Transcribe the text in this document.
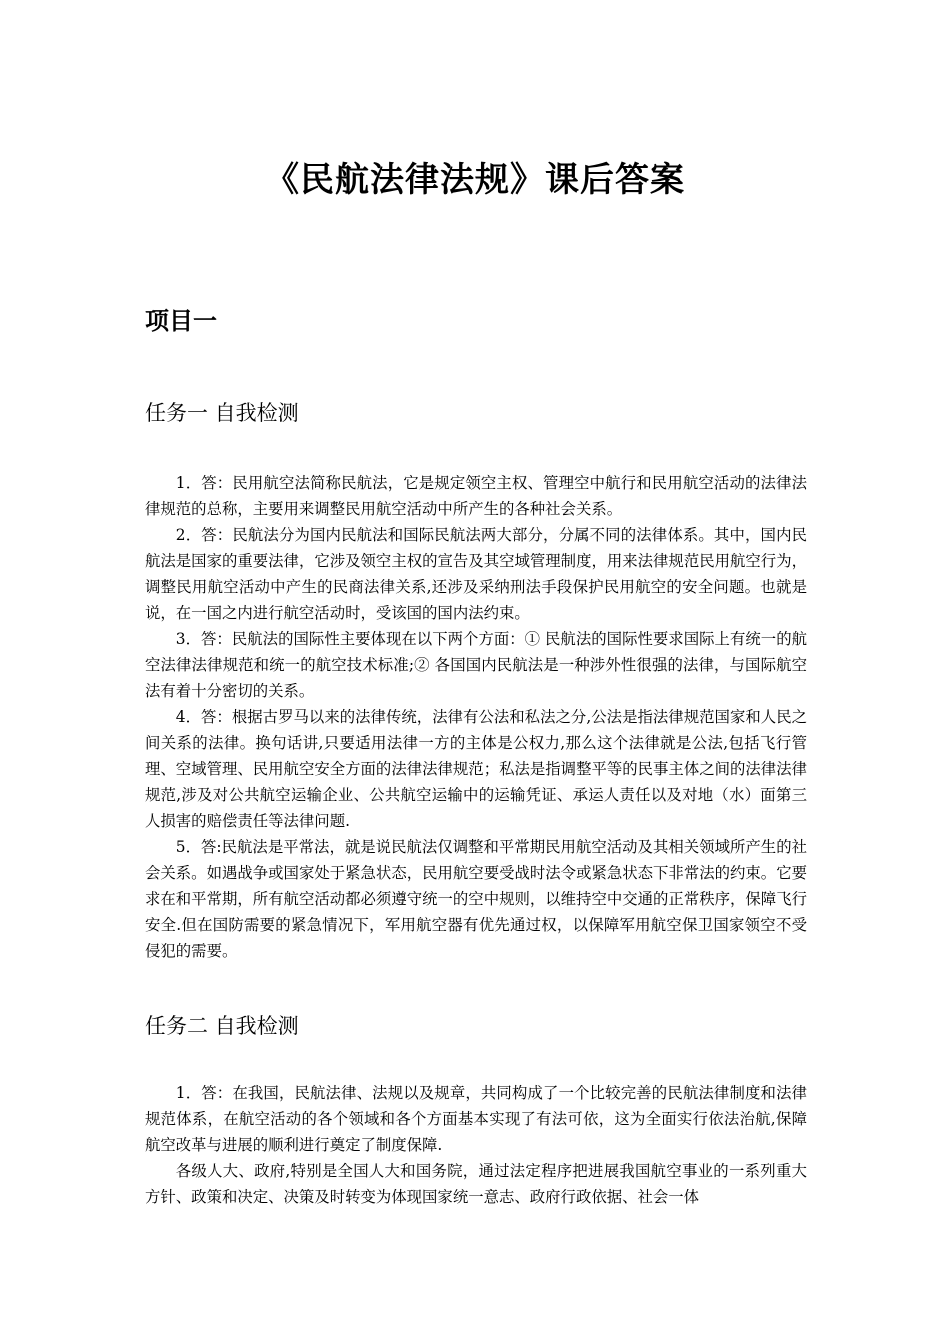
《民航法律法规》课后答案
项目一
任务一 自我检测

1．答：民用航空法简称民航法，它是规定领空主权、管理空中航行和民用航空活动的法律法律规范的总称，主要用来调整民用航空活动中所产生的各种社会关系。

2．答：民航法分为国内民航法和国际民航法两大部分，分属不同的法律体系。其中，国内民航法是国家的重要法律，它涉及领空主权的宣告及其空域管理制度，用来法律规范民用航空行为，调整民用航空活动中产生的民商法律关系,还涉及采纳刑法手段保护民用航空的安全问题。也就是说，在一国之内进行航空活动时，受该国的国内法约束。

3．答：民航法的国际性主要体现在以下两个方面：① 民航法的国际性要求国际上有统一的航空法律法律规范和统一的航空技术标准;② 各国国内民航法是一种涉外性很强的法律，与国际航空法有着十分密切的关系。

4．答：根据古罗马以来的法律传统，法律有公法和私法之分,公法是指法律规范国家和人民之间关系的法律。换句话讲,只要适用法律一方的主体是公权力,那么这个法律就是公法,包括飞行管理、空域管理、民用航空安全方面的法律法律规范；私法是指调整平等的民事主体之间的法律法律规范,涉及对公共航空运输企业、公共航空运输中的运输凭证、承运人责任以及对地（水）面第三人损害的赔偿责任等法律问题.

5．答:民航法是平常法，就是说民航法仅调整和平常期民用航空活动及其相关领域所产生的社会关系。如遇战争或国家处于紧急状态，民用航空要受战时法令或紧急状态下非常法的约束。它要求在和平常期，所有航空活动都必须遵守统一的空中规则，以维持空中交通的正常秩序，保障飞行安全.但在国防需要的紧急情况下，军用航空器有优先通过权，以保障军用航空保卫国家领空不受侵犯的需要。

任务二 自我检测

1．答：在我国，民航法律、法规以及规章，共同构成了一个比较完善的民航法律制度和法律规范体系，在航空活动的各个领域和各个方面基本实现了有法可依，这为全面实行依法治航,保障航空改革与进展的顺利进行奠定了制度保障.

各级人大、政府,特别是全国人大和国务院，通过法定程序把进展我国航空事业的一系列重大方针、政策和决定、决策及时转变为体现国家统一意志、政府行政依据、社会一体
